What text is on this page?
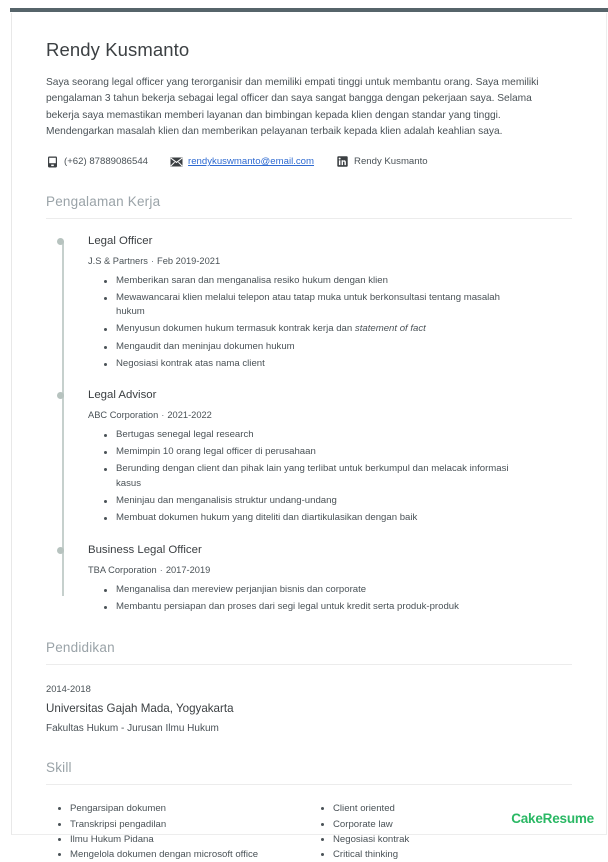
Rendy Kusmanto

Saya seorang legal officer yang terorganisir dan memiliki empati tinggi untuk membantu orang. Saya memiliki pengalaman 3 tahun bekerja sebagai legal officer dan saya sangat bangga dengan pekerjaan saya. Selama bekerja saya memastikan memberi layanan dan bimbingan kepada klien dengan standar yang tinggi. Mendengarkan masalah klien dan memberikan pelayanan terbaik kepada klien adalah keahlian saya.

(+62) 87889086544	rendykuswmanto@email.com	Rendy Kusmanto
Pengalaman Kerja
Legal Officer
J.S & Partners · Feb 2019-2021
Memberikan saran dan menganalisa resiko hukum dengan klien
Mewawancarai klien melalui telepon atau tatap muka untuk berkonsultasi tentang masalah hukum
Menyusun dokumen hukum termasuk kontrak kerja dan statement of fact
Mengaudit dan meninjau dokumen hukum
Negosiasi kontrak atas nama client
Legal Advisor
ABC Corporation · 2021-2022
Bertugas senegal legal research
Memimpin 10 orang legal officer di perusahaan
Berunding dengan client dan pihak lain yang terlibat untuk berkumpul dan melacak informasi kasus
Meninjau dan menganalisis struktur undang-undang
Membuat dokumen hukum yang diteliti dan diartikulasikan dengan baik
Business Legal Officer
TBA Corporation · 2017-2019
Menganalisa dan mereview perjanjian bisnis dan corporate
Membantu persiapan dan proses dari segi legal untuk kredit serta produk-produk
Pendidikan
2014-2018
Universitas Gajah Mada, Yogyakarta
Fakultas Hukum - Jurusan Ilmu Hukum
Skill
Pengarsipan dokumen
Transkripsi pengadilan
Ilmu Hukum Pidana
Mengelola dokumen dengan microsoft office
Client oriented
Corporate law
Negosiasi kontrak
Critical thinking
CakeResume
